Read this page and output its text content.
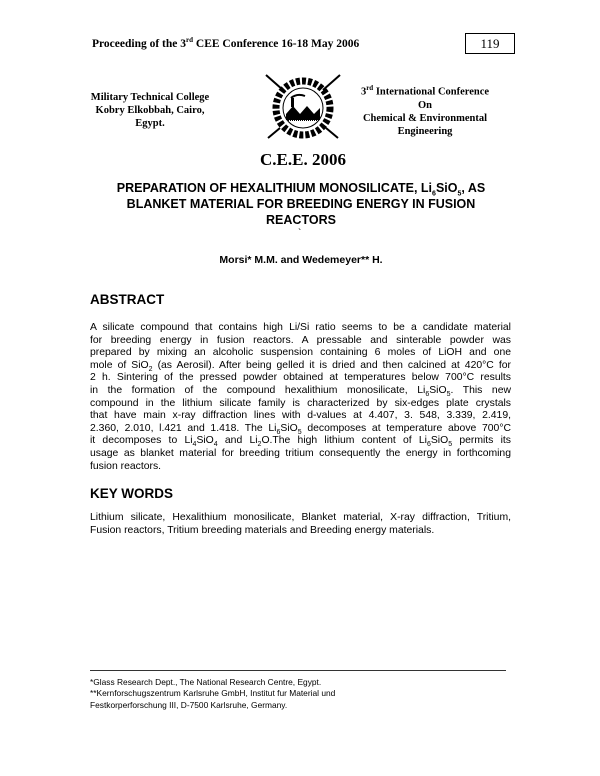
Proceeding of the 3rd CEE Conference 16-18 May 2006	119
Military Technical College
Kobry Elkobbah, Cairo,
Egypt.
C.E.E. 2006
3rd International Conference
On
Chemical & Environmental
Engineering
PREPARATION OF HEXALITHIUM MONOSILICATE, $Li_6SiO_5$, AS
BLANKET MATERIAL FOR BREEDING ENERGY IN FUSION
REACTORS
`
Morsi* M.M. and Wedemeyer** H.
ABSTRACT
A silicate compound that contains high Li/Si ratio seems to be a candidate material
for breeding energy in fusion reactors. A pressable and sinterable powder was
prepared by mixing an alcoholic suspension containing 6 moles of LiOH and one
mole of SiO$_2$ (as Aerosil). After being gelled it is dried and then calcined at 420°C for
2 h. Sintering of the pressed powder obtained at temperatures below 700°C results
in the formation of the compound hexalithium monosilicate, $Li_6SiO_5$. This new
compound in the lithium silicate family is characterized by six-edges plate crystals
that have main x-ray diffraction lines with d-values at 4.407, 3. 548, 3.339, 2.419,
2.360, 2.010, l.421 and 1.418. The $Li_6SiO_5$ decomposes at temperature above 700°C
it decomposes to $Li_4SiO_4$ and $Li_2O.The$ high lithium content of $Li_6SiO_5$ permits its
usage as blanket material for breeding tritium consequently the energy in forthcoming
fusion reactors.
KEY WORDS
Lithium silicate, Hexalithium monosilicate, Blanket material, X-ray diffraction, Tritium,
Fusion reactors, Tritium breeding materials and Breeding energy materials.
*Glass Research Dept., The National Research Centre, Egypt.
**Kernforschugszentrum Karlsruhe GmbH, Institut fur Material und
Festkorperforschung III, D-7500 Karlsruhe, Germany.
